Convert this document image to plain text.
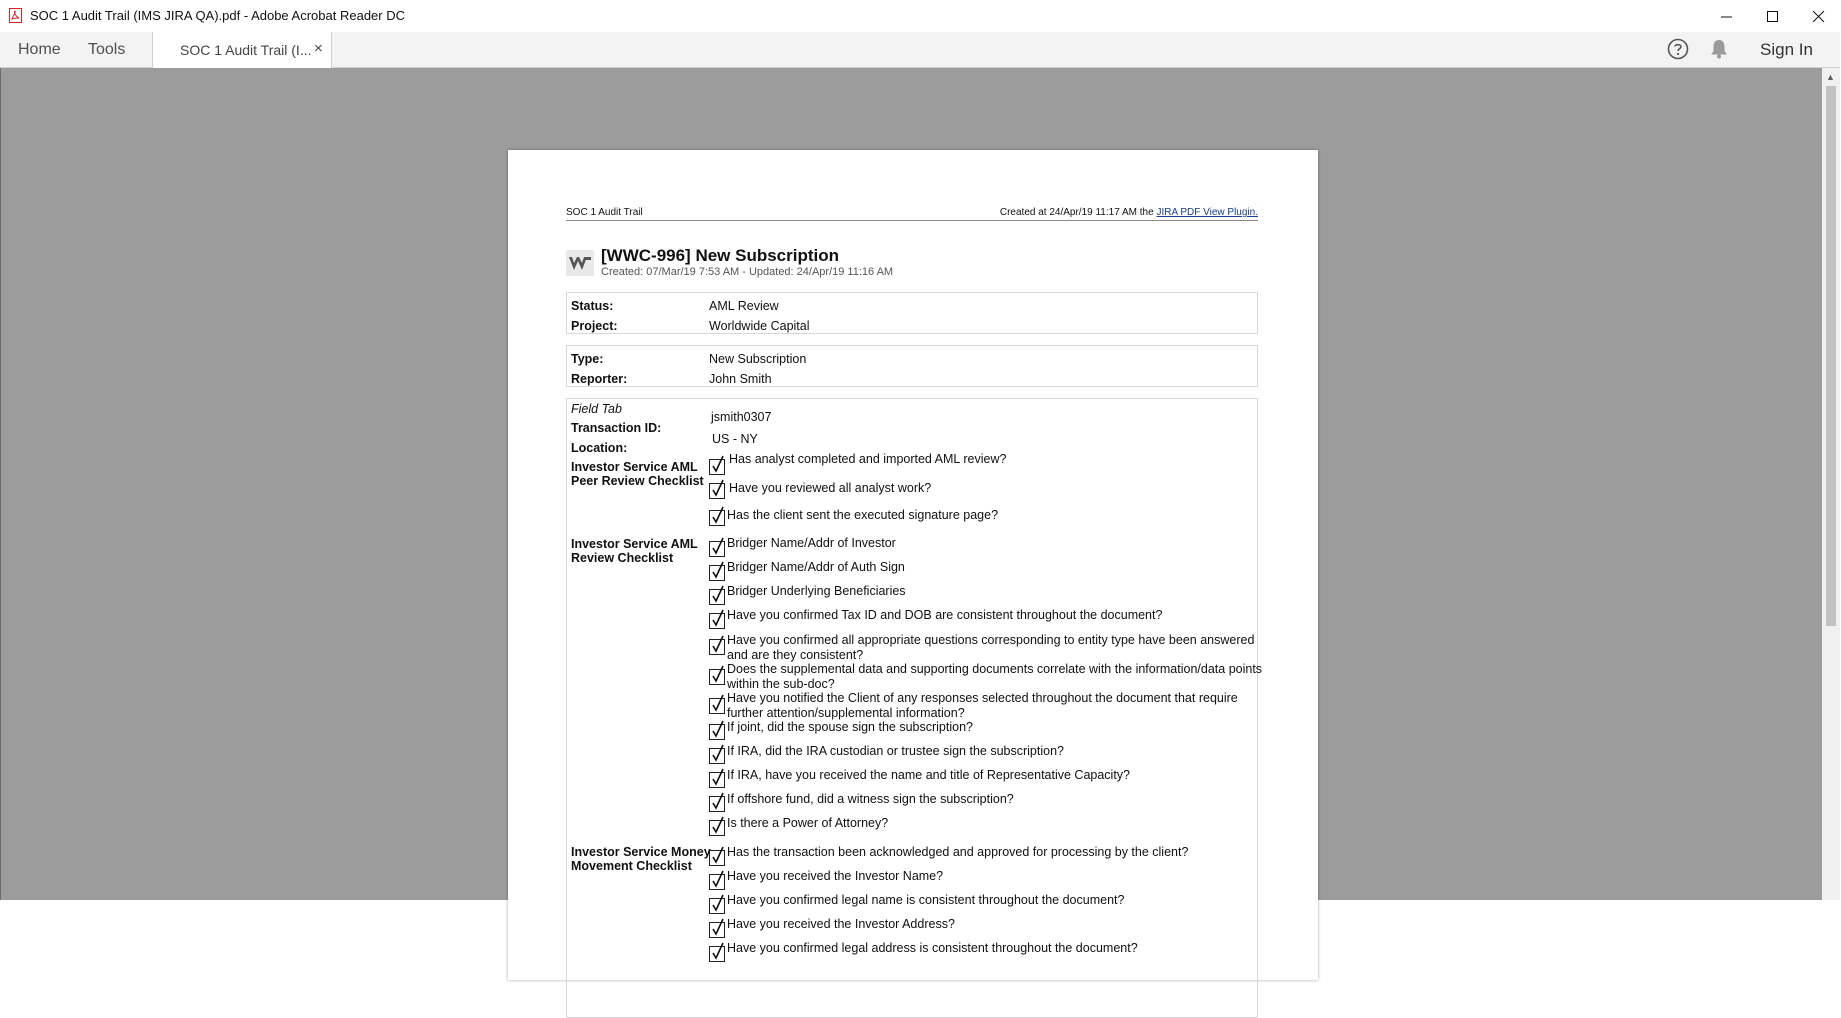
SOC 1 Audit Trail (IMS JIRA QA).pdf - Adobe Acrobat Reader DC
Home Tools	SOC 1 Audit Trail (I... ×	Sign In
SOC 1 Audit Trail	Created at 24/Apr/19 11:17 AM the JIRA PDF View Plugin.
[WWC-996] New Subscription
Created: 07/Mar/19 7:53 AM - Updated: 24/Apr/19 11:16 AM
Status:	AML Review
Project:	Worldwide Capital
Type:	New Subscription
Reporter:	John Smith
Field Tab
Transaction ID:
jsmith0307
Location:
US - NY
Investor Service AML Peer Review Checklist
Has analyst completed and imported AML review?
Have you reviewed all analyst work?
Has the client sent the executed signature page?
Investor Service AML Review Checklist
Bridger Name/Addr of Investor
Bridger Name/Addr of Auth Sign
Bridger Underlying Beneficiaries
Have you confirmed Tax ID and DOB are consistent throughout the document?
Have you confirmed all appropriate questions corresponding to entity type have been answered and are they consistent?
Does the supplemental data and supporting documents correlate with the information/data points within the sub-doc?
Have you notified the Client of any responses selected throughout the document that require further attention/supplemental information?
If joint, did the spouse sign the subscription?
If IRA, did the IRA custodian or trustee sign the subscription?
If IRA, have you received the name and title of Representative Capacity?
If offshore fund, did a witness sign the subscription?
Is there a Power of Attorney?
Investor Service Money Movement Checklist
Has the transaction been acknowledged and approved for processing by the client?
Have you received the Investor Name?
Have you confirmed legal name is consistent throughout the document?
Have you received the Investor Address?
Have you confirmed legal address is consistent throughout the document?
▲
